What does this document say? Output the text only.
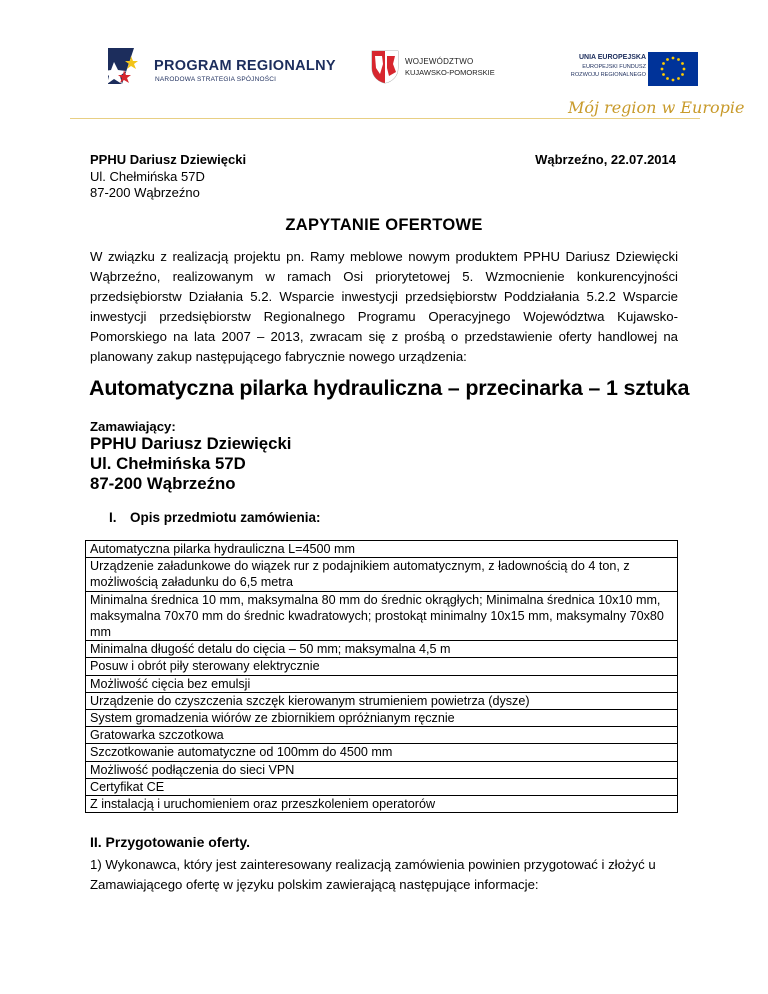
PROGRAM REGIONALNY
NARODOWA STRATEGIA SPÓJNOŚCI
WOJEWÓDZTWO
KUJAWSKO-POMORSKIE
UNIA EUROPEJSKA
EUROPEJSKI FUNDUSZ
ROZWOJU REGIONALNEGO
Mój region w Europie
PPHU Dariusz Dziewięcki
Ul. Chełmińska 57D
87-200 Wąbrzeźno
Wąbrzeźno, 22.07.2014
ZAPYTANIE OFERTOWE
W związku z realizacją projektu pn. Ramy meblowe nowym produktem PPHU Dariusz Dziewięcki Wąbrzeźno, realizowanym w ramach Osi priorytetowej 5. Wzmocnienie konkurencyjności przedsiębiorstw Działania 5.2. Wsparcie inwestycji przedsiębiorstw Poddziałania 5.2.2 Wsparcie inwestycji przedsiębiorstw Regionalnego Programu Operacyjnego Województwa Kujawsko-Pomorskiego na lata 2007 – 2013, zwracam się z prośbą o przedstawienie oferty handlowej na planowany zakup następującego fabrycznie nowego urządzenia:
Automatyczna pilarka hydrauliczna – przecinarka – 1 sztuka
Zamawiający:
PPHU Dariusz Dziewięcki
Ul. Chełmińska 57D
87-200 Wąbrzeźno
I. Opis przedmiotu zamówienia:
Automatyczna pilarka hydrauliczna L=4500 mm
Urządzenie załadunkowe do wiązek rur z podajnikiem automatycznym, z ładownością do 4 ton, z możliwością załadunku do 6,5 metra
Minimalna średnica 10 mm, maksymalna 80 mm do średnic okrągłych; Minimalna średnica 10x10 mm, maksymalna 70x70 mm do średnic kwadratowych; prostokąt minimalny 10x15 mm, maksymalny 70x80 mm
Minimalna długość detalu do cięcia – 50 mm; maksymalna 4,5 m
Posuw i obrót piły sterowany elektrycznie
Możliwość cięcia bez emulsji
Urządzenie do czyszczenia szczęk kierowanym strumieniem powietrza (dysze)
System gromadzenia wiórów ze zbiornikiem opróżnianym ręcznie
Gratowarka szczotkowa
Szczotkowanie automatyczne od 100mm do 4500 mm
Możliwość podłączenia do sieci VPN
Certyfikat CE
Z instalacją i uruchomieniem oraz przeszkoleniem operatorów
II. Przygotowanie oferty.
1) Wykonawca, który jest zainteresowany realizacją zamówienia powinien przygotować i złożyć u Zamawiającego ofertę w języku polskim zawierającą następujące informacje:
